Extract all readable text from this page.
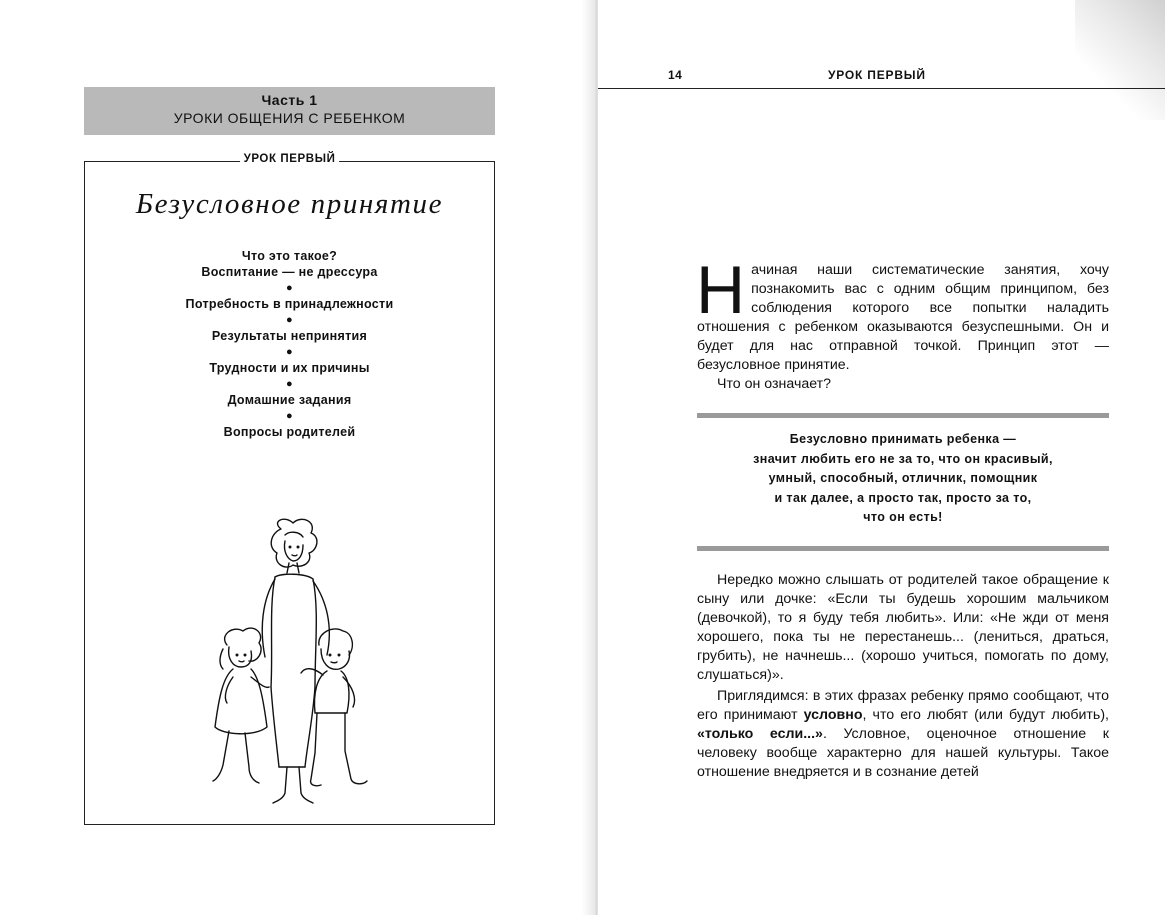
Часть 1
УРОКИ ОБЩЕНИЯ С РЕБЕНКОМ
УРОК ПЕРВЫЙ
Безусловное принятие
Что это такое?
Воспитание — не дрессура
●
Потребность в принадлежности
●
Результаты непринятия
●
Трудности и их причины
●
Домашние задания
●
Вопросы родителей
14	УРОК ПЕРВЫЙ

Начиная наши систематические занятия, хочу познакомить вас с одним общим принципом, без соблюдения которого все попытки наладить отношения с ребенком оказываются безуспешными. Он и будет для нас отправной точкой. Принцип этот — безусловное принятие.

Что он означает?

Безусловно принимать ребенка —
значит любить его не за то, что он красивый,
умный, способный, отличник, помощник
и так далее, а просто так, просто за то,
что он есть!

Нередко можно слышать от родителей такое обращение к сыну или дочке: «Если ты будешь хорошим мальчиком (девочкой), то я буду тебя любить». Или: «Не жди от меня хорошего, пока ты не перестанешь... (лениться, драться, грубить), не начнешь... (хорошо учиться, помогать по дому, слушаться)».

Приглядимся: в этих фразах ребенку прямо сообщают, что его принимают условно, что его любят (или будут любить), «только если...». Условное, оценочное отношение к человеку вообще характерно для нашей культуры. Такое отношение внедряется и в сознание детей
